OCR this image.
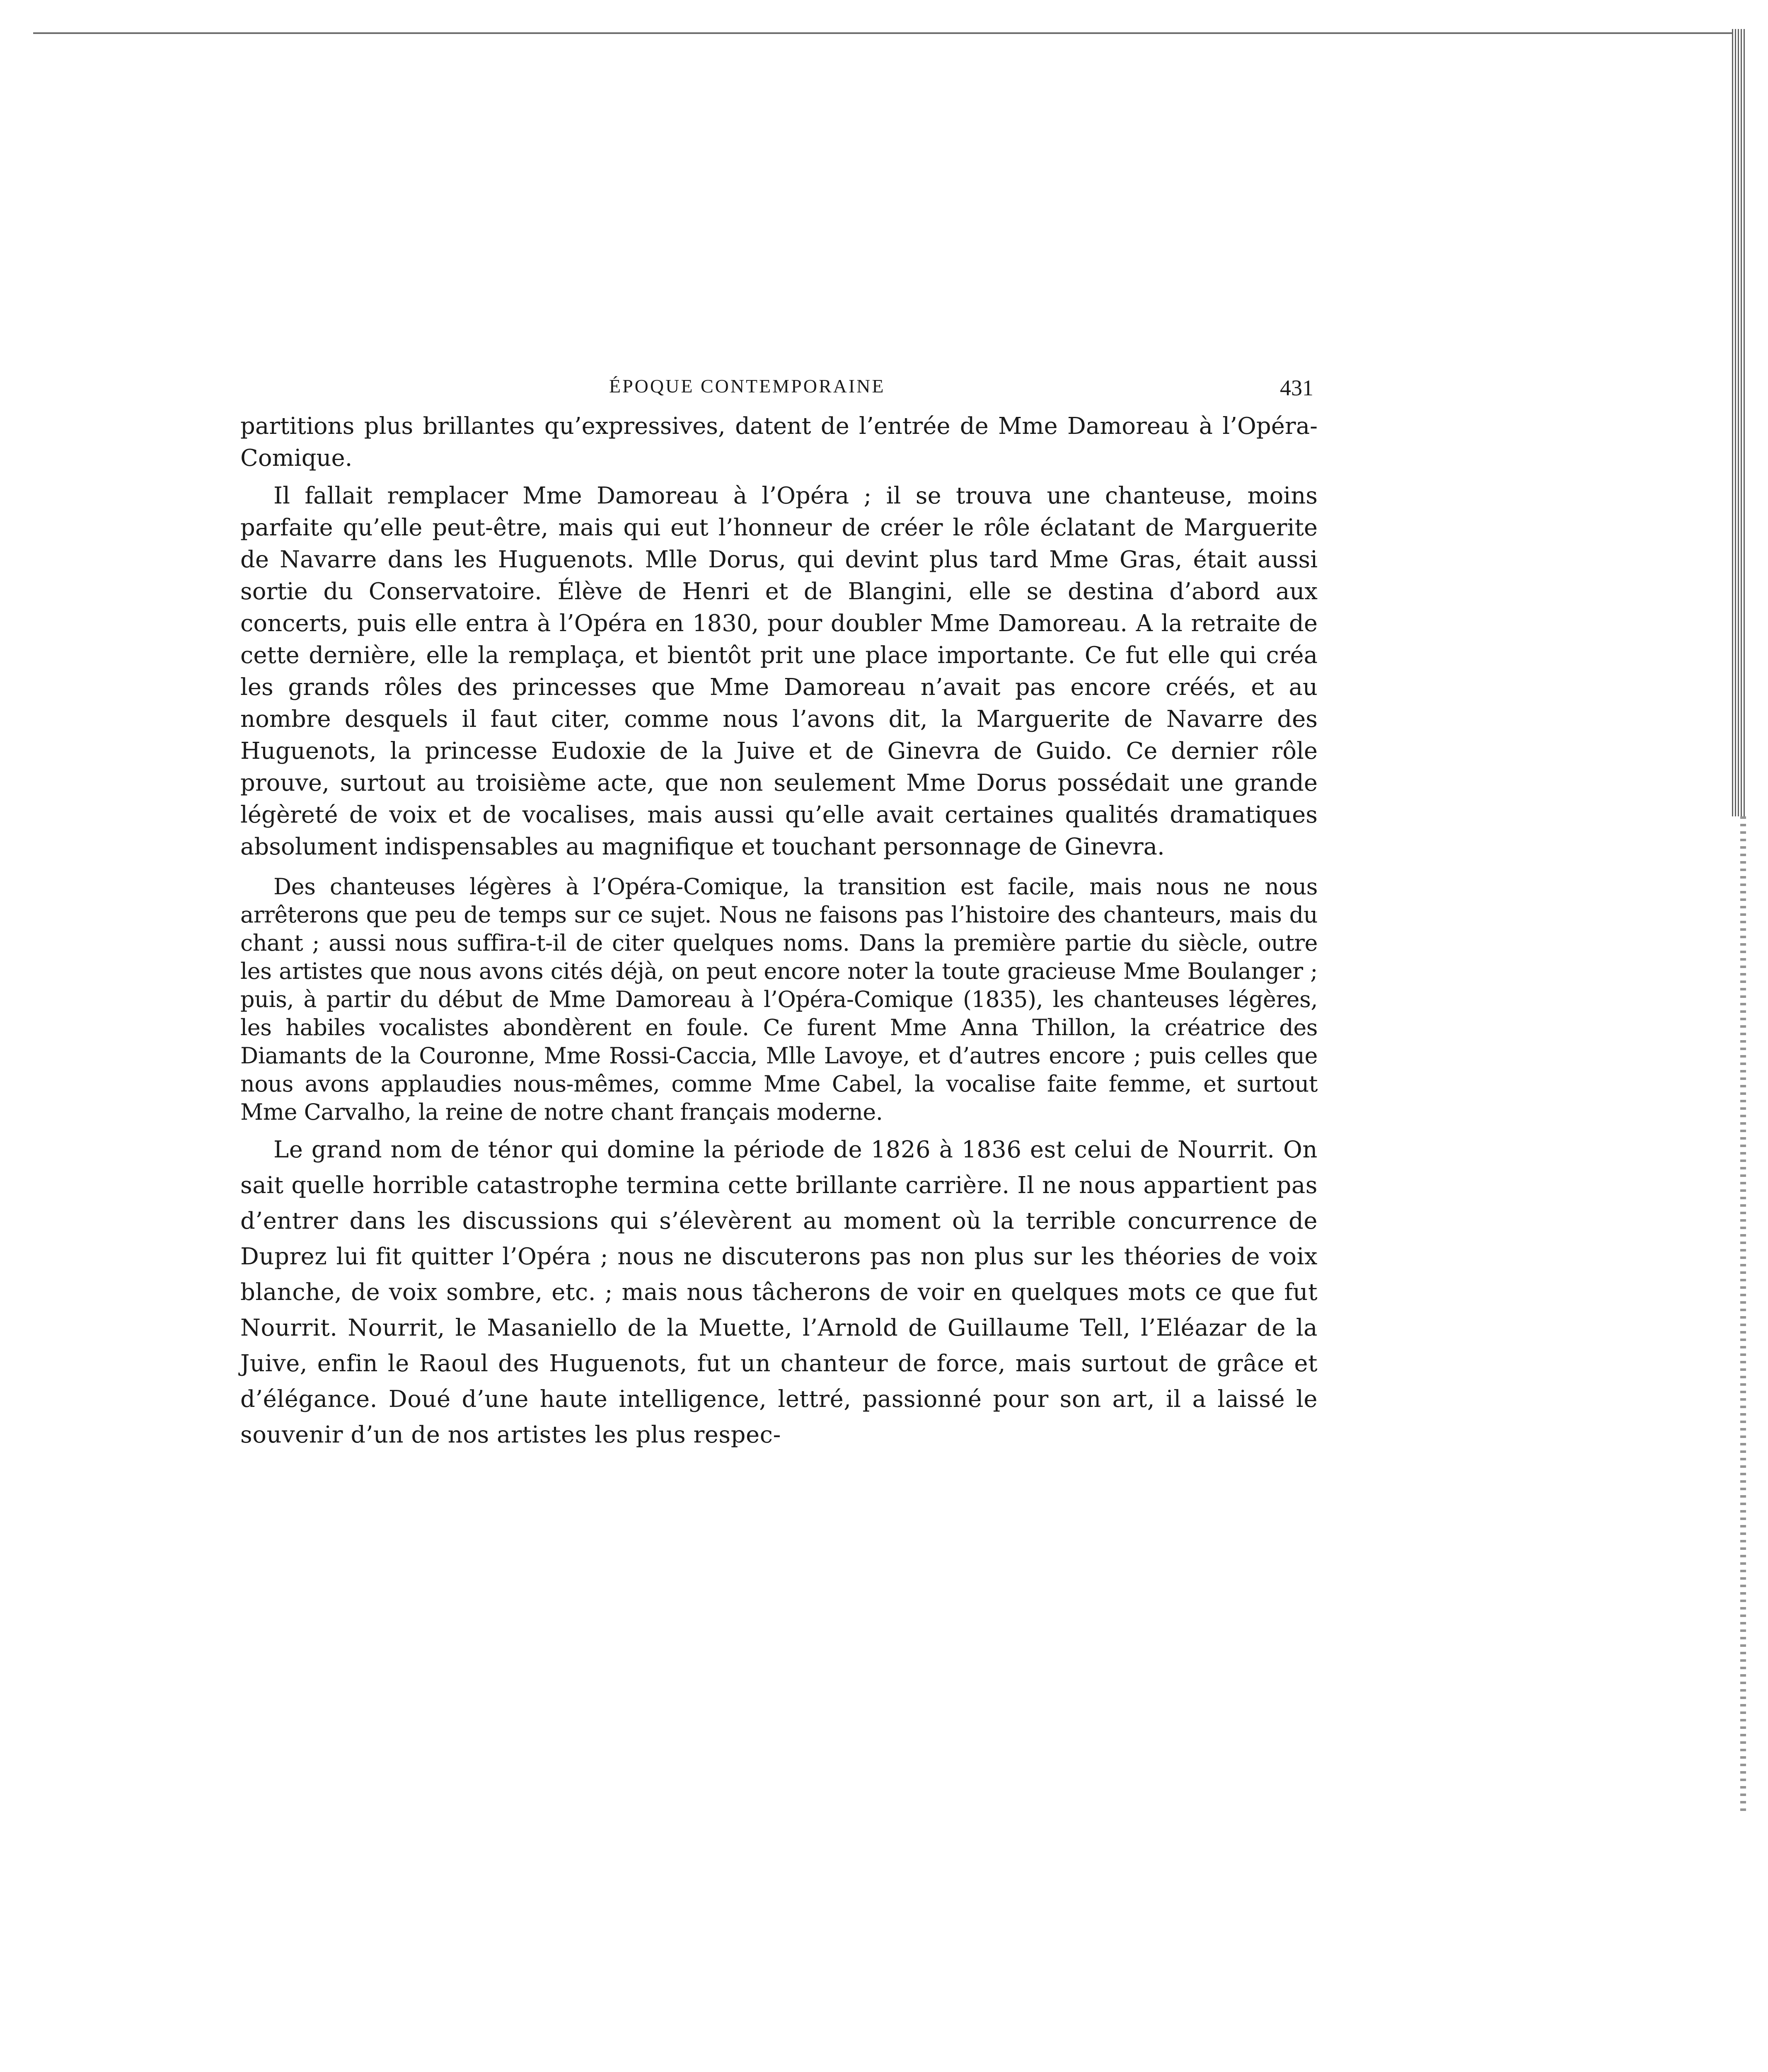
ÉPOQUE CONTEMPORAINE	431

partitions plus brillantes qu’expressives, datent de l’entrée de Mme Damoreau à l’Opéra-Comique.

Il fallait remplacer Mme Damoreau à l’Opéra ; il se trouva une chanteuse, moins parfaite qu’elle peut-être, mais qui eut l’honneur de créer le rôle éclatant de Marguerite de Navarre dans les Huguenots. Mlle Dorus, qui devint plus tard Mme Gras, était aussi sortie du Conservatoire. Élève de Henri et de Blangini, elle se destina d’abord aux concerts, puis elle entra à l’Opéra en 1830, pour doubler Mme Damoreau. A la retraite de cette dernière, elle la remplaça, et bientôt prit une place importante. Ce fut elle qui créa les grands rôles des princesses que Mme Damoreau n’avait pas encore créés, et au nombre desquels il faut citer, comme nous l’avons dit, la Marguerite de Navarre des Huguenots, la princesse Eudoxie de la Juive et de Ginevra de Guido. Ce dernier rôle prouve, surtout au troisième acte, que non seulement Mme Dorus possédait une grande légèreté de voix et de vocalises, mais aussi qu’elle avait certaines qualités dramatiques absolument indispensables au magnifique et touchant personnage de Ginevra.

Des chanteuses légères à l’Opéra-Comique, la transition est facile, mais nous ne nous arrêterons que peu de temps sur ce sujet. Nous ne faisons pas l’histoire des chanteurs, mais du chant ; aussi nous suffira-t-il de citer quelques noms. Dans la première partie du siècle, outre les artistes que nous avons cités déjà, on peut encore noter la toute gracieuse Mme Boulanger ; puis, à partir du début de Mme Damoreau à l’Opéra-Comique (1835), les chanteuses légères, les habiles vocalistes abondèrent en foule. Ce furent Mme Anna Thillon, la créatrice des Diamants de la Couronne, Mme Rossi-Caccia, Mlle Lavoye, et d’autres encore ; puis celles que nous avons applaudies nous-mêmes, comme Mme Cabel, la vocalise faite femme, et surtout Mme Carvalho, la reine de notre chant français moderne.

Le grand nom de ténor qui domine la période de 1826 à 1836 est celui de Nourrit. On sait quelle horrible catastrophe termina cette brillante carrière. Il ne nous appartient pas d’entrer dans les discussions qui s’élevèrent au moment où la terrible concurrence de Duprez lui fit quitter l’Opéra ; nous ne discuterons pas non plus sur les théories de voix blanche, de voix sombre, etc. ; mais nous tâcherons de voir en quelques mots ce que fut Nourrit. Nourrit, le Masaniello de la Muette, l’Arnold de Guillaume Tell, l’Eléazar de la Juive, enfin le Raoul des Huguenots, fut un chanteur de force, mais surtout de grâce et d’élégance. Doué d’une haute intelligence, lettré, passionné pour son art, il a laissé le souvenir d’un de nos artistes les plus respec-
